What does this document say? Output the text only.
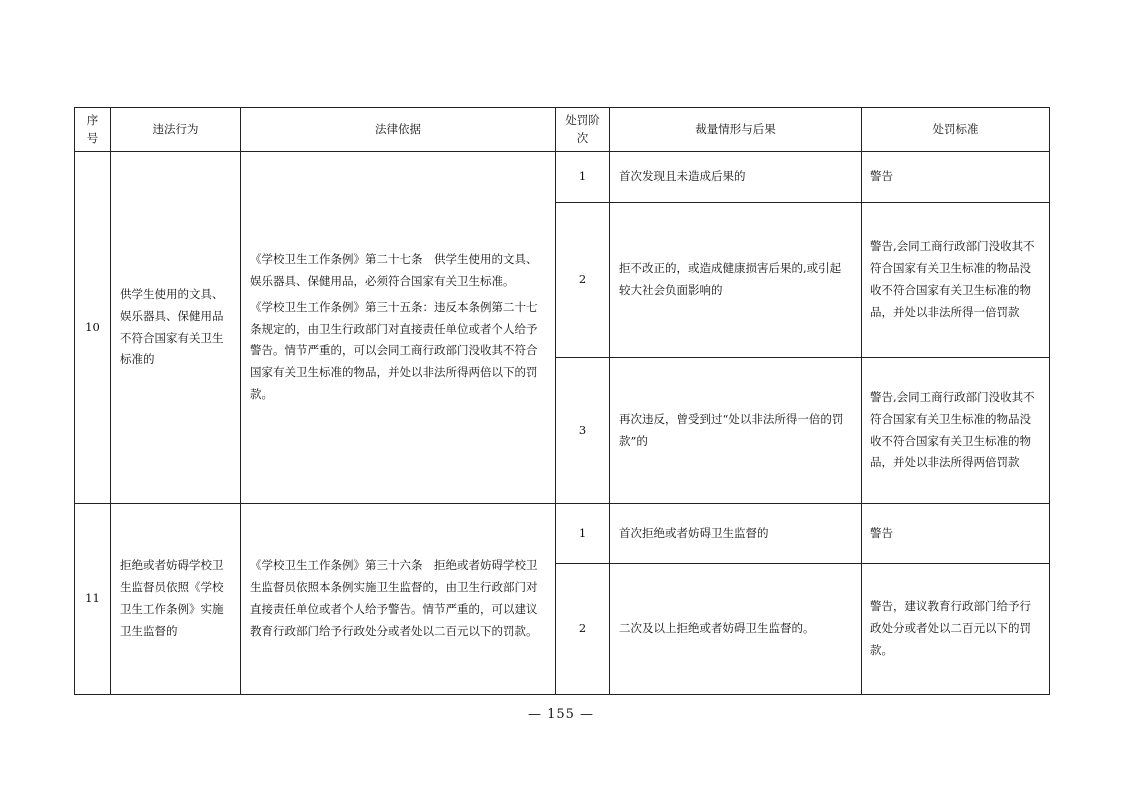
序号	违法行为	法律依据	处罚阶次	裁量情形与后果	处罚标准
10	供学生使用的文具、娱乐器具、保健用品不符合国家有关卫生标准的	《学校卫生工作条例》第二十七条　供学生使用的文具、娱乐器具、保健用品，必须符合国家有关卫生标准。

《学校卫生工作条例》第三十五条：违反本条例第二十七条规定的，由卫生行政部门对直接责任单位或者个人给予警告。情节严重的，可以会同工商行政部门没收其不符合国家有关卫生标准的物品，并处以非法所得两倍以下的罚款。	1	首次发现且未造成后果的	警告
			2	拒不改正的，或造成健康损害后果的,或引起较大社会负面影响的	警告,会同工商行政部门没收其不符合国家有关卫生标准的物品没收不符合国家有关卫生标准的物品，并处以非法所得一倍罚款
			3	再次违反，曾受到过“处以非法所得一倍的罚款”的	警告,会同工商行政部门没收其不符合国家有关卫生标准的物品没收不符合国家有关卫生标准的物品，并处以非法所得两倍罚款
11	拒绝或者妨碍学校卫生监督员依照《学校卫生工作条例》实施卫生监督的	《学校卫生工作条例》第三十六条　拒绝或者妨碍学校卫生监督员依照本条例实施卫生监督的，由卫生行政部门对直接责任单位或者个人给予警告。情节严重的，可以建议教育行政部门给予行政处分或者处以二百元以下的罚款。	1	首次拒绝或者妨碍卫生监督的	警告
			2	二次及以上拒绝或者妨碍卫生监督的。	警告，建议教育行政部门给予行政处分或者处以二百元以下的罚款。
— 155 —
